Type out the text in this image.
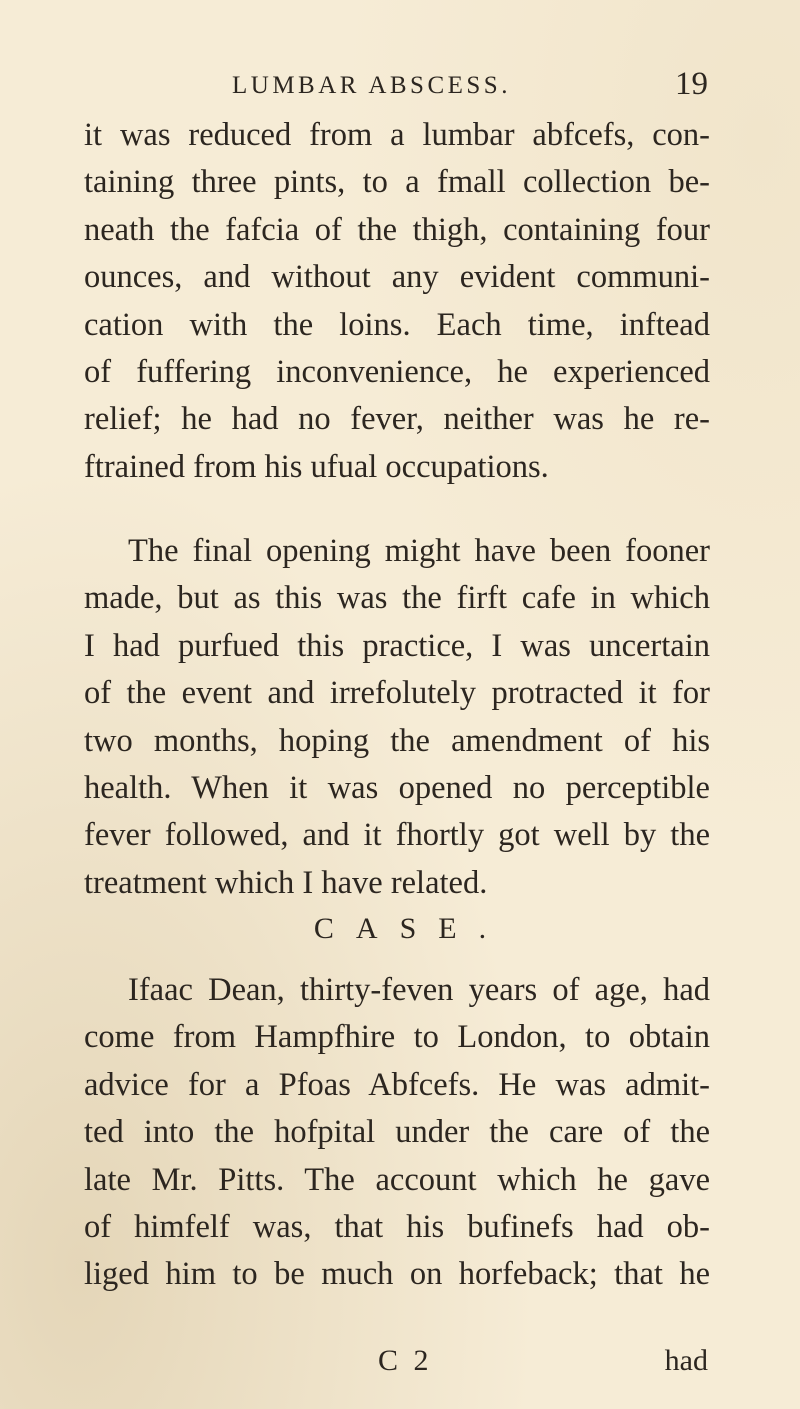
LUMBAR ABSCESS.	19
it was reduced from a lumbar abfcefs, con-
taining three pints, to a fmall collection be-
neath the fafcia of the thigh, containing four
ounces, and without any evident communi-
cation with the loins. Each time, inftead
of fuffering inconvenience, he experienced
relief; he had no fever, neither was he re-
ftrained from his ufual occupations.
The final opening might have been fooner
made, but as this was the firft cafe in which
I had purfued this practice, I was uncertain
of the event and irrefolutely protracted it for
two months, hoping the amendment of his
health. When it was opened no perceptible
fever followed, and it fhortly got well by the
treatment which I have related.
CASE.
Ifaac Dean, thirty-feven years of age, had
come from Hampfhire to London, to obtain
advice for a Pfoas Abfcefs. He was admit-
ted into the hofpital under the care of the
late Mr. Pitts. The account which he gave
of himfelf was, that his bufinefs had ob-
liged him to be much on horfeback; that he
C 2	had
